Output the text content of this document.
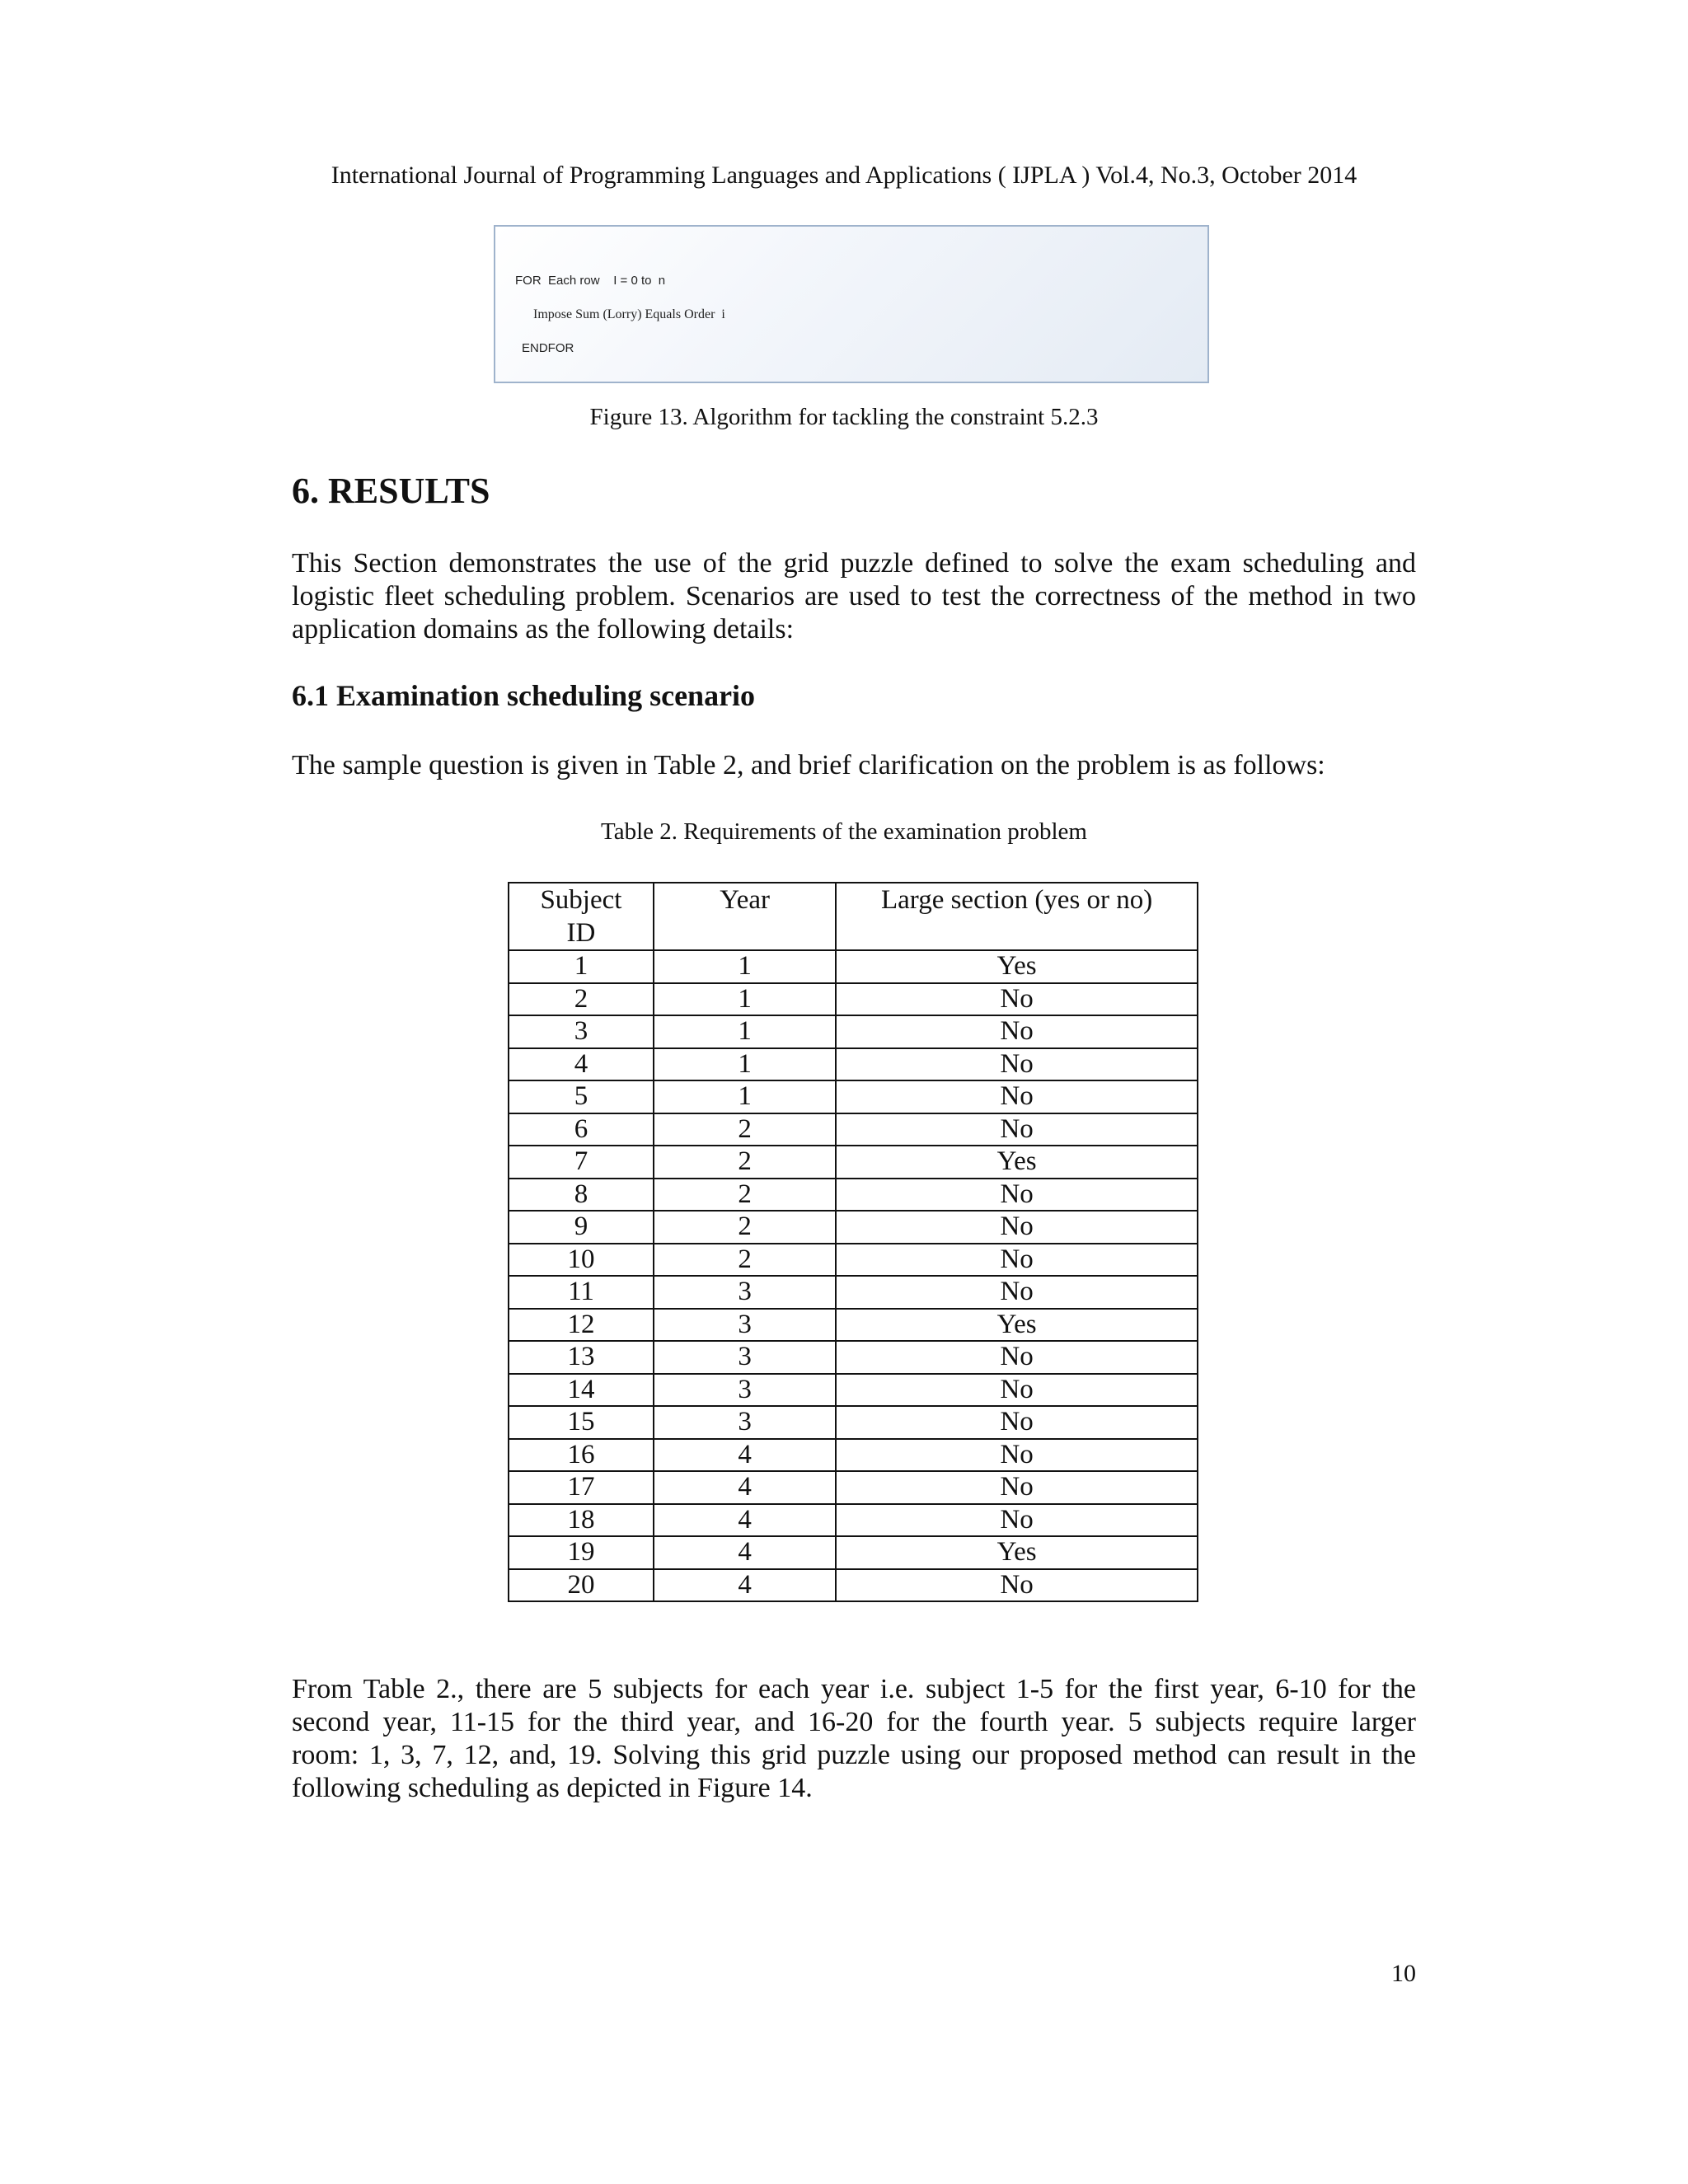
International Journal of Programming Languages and Applications ( IJPLA ) Vol.4, No.3, October 2014
FOR  Each row    I = 0 to  n
Impose Sum (Lorry) Equals Order  i
ENDFOR
Figure 13. Algorithm for tackling the constraint 5.2.3
6. RESULTS
This Section demonstrates the use of the grid puzzle defined to solve the exam scheduling and
logistic fleet scheduling problem. Scenarios are used to test the correctness of the method in two
application domains as the following details:
6.1 Examination scheduling scenario
The sample question is given in Table 2, and brief clarification on the problem is as follows:
Table 2. Requirements of the examination problem
Subject ID	Year	Large section (yes or no)
1	1	Yes
2	1	No
3	1	No
4	1	No
5	1	No
6	2	No
7	2	Yes
8	2	No
9	2	No
10	2	No
11	3	No
12	3	Yes
13	3	No
14	3	No
15	3	No
16	4	No
17	4	No
18	4	No
19	4	Yes
20	4	No
From Table 2., there are 5 subjects for each year i.e. subject 1-5 for the first year, 6-10 for the
second year, 11-15 for the third year, and 16-20 for the fourth year. 5 subjects require larger
room: 1, 3, 7, 12, and, 19. Solving this grid puzzle using our proposed method can result in the
following scheduling as depicted in Figure 14.
10
